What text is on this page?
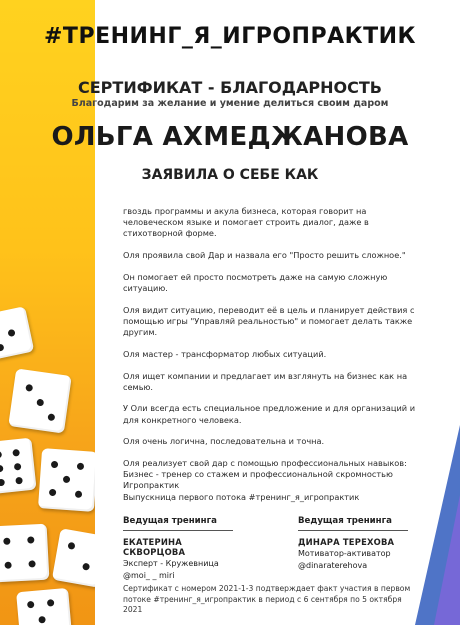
#ТРЕНИНГ_Я_ИГРОПРАКТИК
СЕРТИФИКАТ - БЛАГОДАРНОСТЬ
Благодарим за желание и умение делиться своим даром
ОЛЬГА АХМЕДЖАНОВА
ЗАЯВИЛА О СЕБЕ КАК

гвоздь программы и акула бизнеса, которая говорит на человеческом языке и помогает строить диалог, даже в стихотворной форме.

Оля проявила свой Дар и назвала его "Просто решить сложное."

Он помогает ей просто посмотреть даже на самую сложную ситуацию.

Оля видит ситуацию, переводит её в цель и планирует действия с помощью игры "Управляй реальностью" и помогает делать также другим.

Оля мастер - трансформатор любых ситуаций.

Оля ищет компании и предлагает им взглянуть на бизнес как на семью.

У Оли всегда есть специальное предложение и для организаций и для конкретного человека.

Оля очень логична, последовательна и точна.

Оля реализует свой дар с помощью профессиональных навыков:
Бизнес - тренер со стажем и профессиональной скромностью
Игропрактик
Выпускница первого потока #тренинг_я_игропрактик

Ведущая тренинга
ЕКАТЕРИНА СКВОРЦОВА
Эксперт - Кружевница
@moi_ _ miri
Ведущая тренинга
ДИНАРА ТЕРЕХОВА
Мотиватор-активатор
@dinaraterehova
Сертификат с номером 2021-1-3 подтверждает факт участия в первом потоке #тренинг_я_игропрактик в период с 6 сентября по 5 октября 2021
